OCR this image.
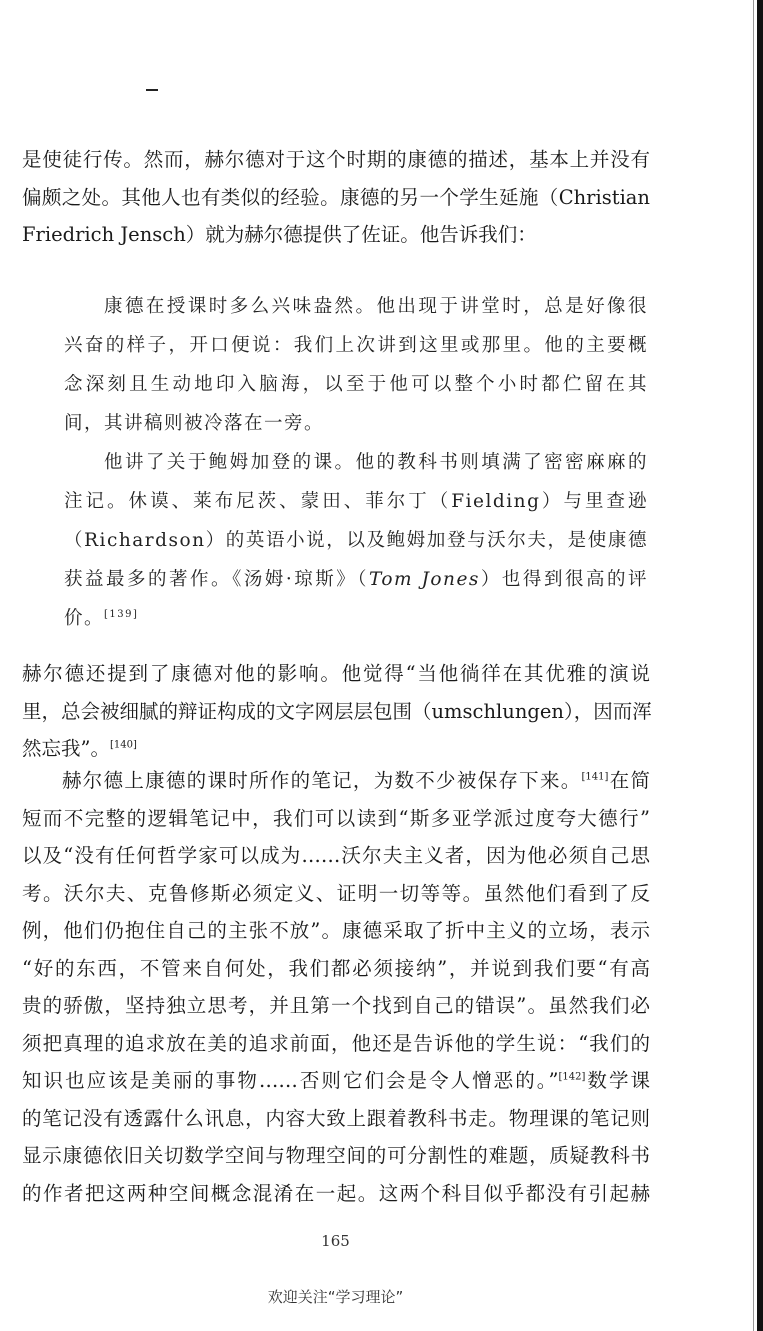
是使徒行传。然而，赫尔德对于这个时期的康德的描述，基本上并没有
偏颇之处。其他人也有类似的经验。康德的另一个学生延施（Christian
Friedrich Jensch）就为赫尔德提供了佐证。他告诉我们：
康德在授课时多么兴味盎然。他出现于讲堂时，总是好像很
兴奋的样子，开口便说：我们上次讲到这里或那里。他的主要概
念深刻且生动地印入脑海，以至于他可以整个小时都伫留在其
间，其讲稿则被冷落在一旁。
他讲了关于鲍姆加登的课。他的教科书则填满了密密麻麻的
注记。休谟、莱布尼茨、蒙田、菲尔丁（Fielding）与里查逊
（Richardson）的英语小说，以及鲍姆加登与沃尔夫，是使康德
获益最多的著作。《汤姆·琼斯》（Tom Jones）也得到很高的评
价。[139]
赫尔德还提到了康德对他的影响。他觉得“当他徜徉在其优雅的演说
里，总会被细腻的辩证构成的文字网层层包围（umschlungen），因而浑
然忘我”。[140]
赫尔德上康德的课时所作的笔记，为数不少被保存下来。[141]在简
短而不完整的逻辑笔记中，我们可以读到“斯多亚学派过度夸大德行”
以及“没有任何哲学家可以成为……沃尔夫主义者，因为他必须自己思
考。沃尔夫、克鲁修斯必须定义、证明一切等等。虽然他们看到了反
例，他们仍抱住自己的主张不放”。康德采取了折中主义的立场，表示
“好的东西，不管来自何处，我们都必须接纳”，并说到我们要“有高
贵的骄傲，坚持独立思考，并且第一个找到自己的错误”。虽然我们必
须把真理的追求放在美的追求前面，他还是告诉他的学生说：“我们的
知识也应该是美丽的事物……否则它们会是令人憎恶的。”[142]数学课
的笔记没有透露什么讯息，内容大致上跟着教科书走。物理课的笔记则
显示康德依旧关切数学空间与物理空间的可分割性的难题，质疑教科书
的作者把这两种空间概念混淆在一起。这两个科目似乎都没有引起赫
165
欢迎关注“学习理论”
